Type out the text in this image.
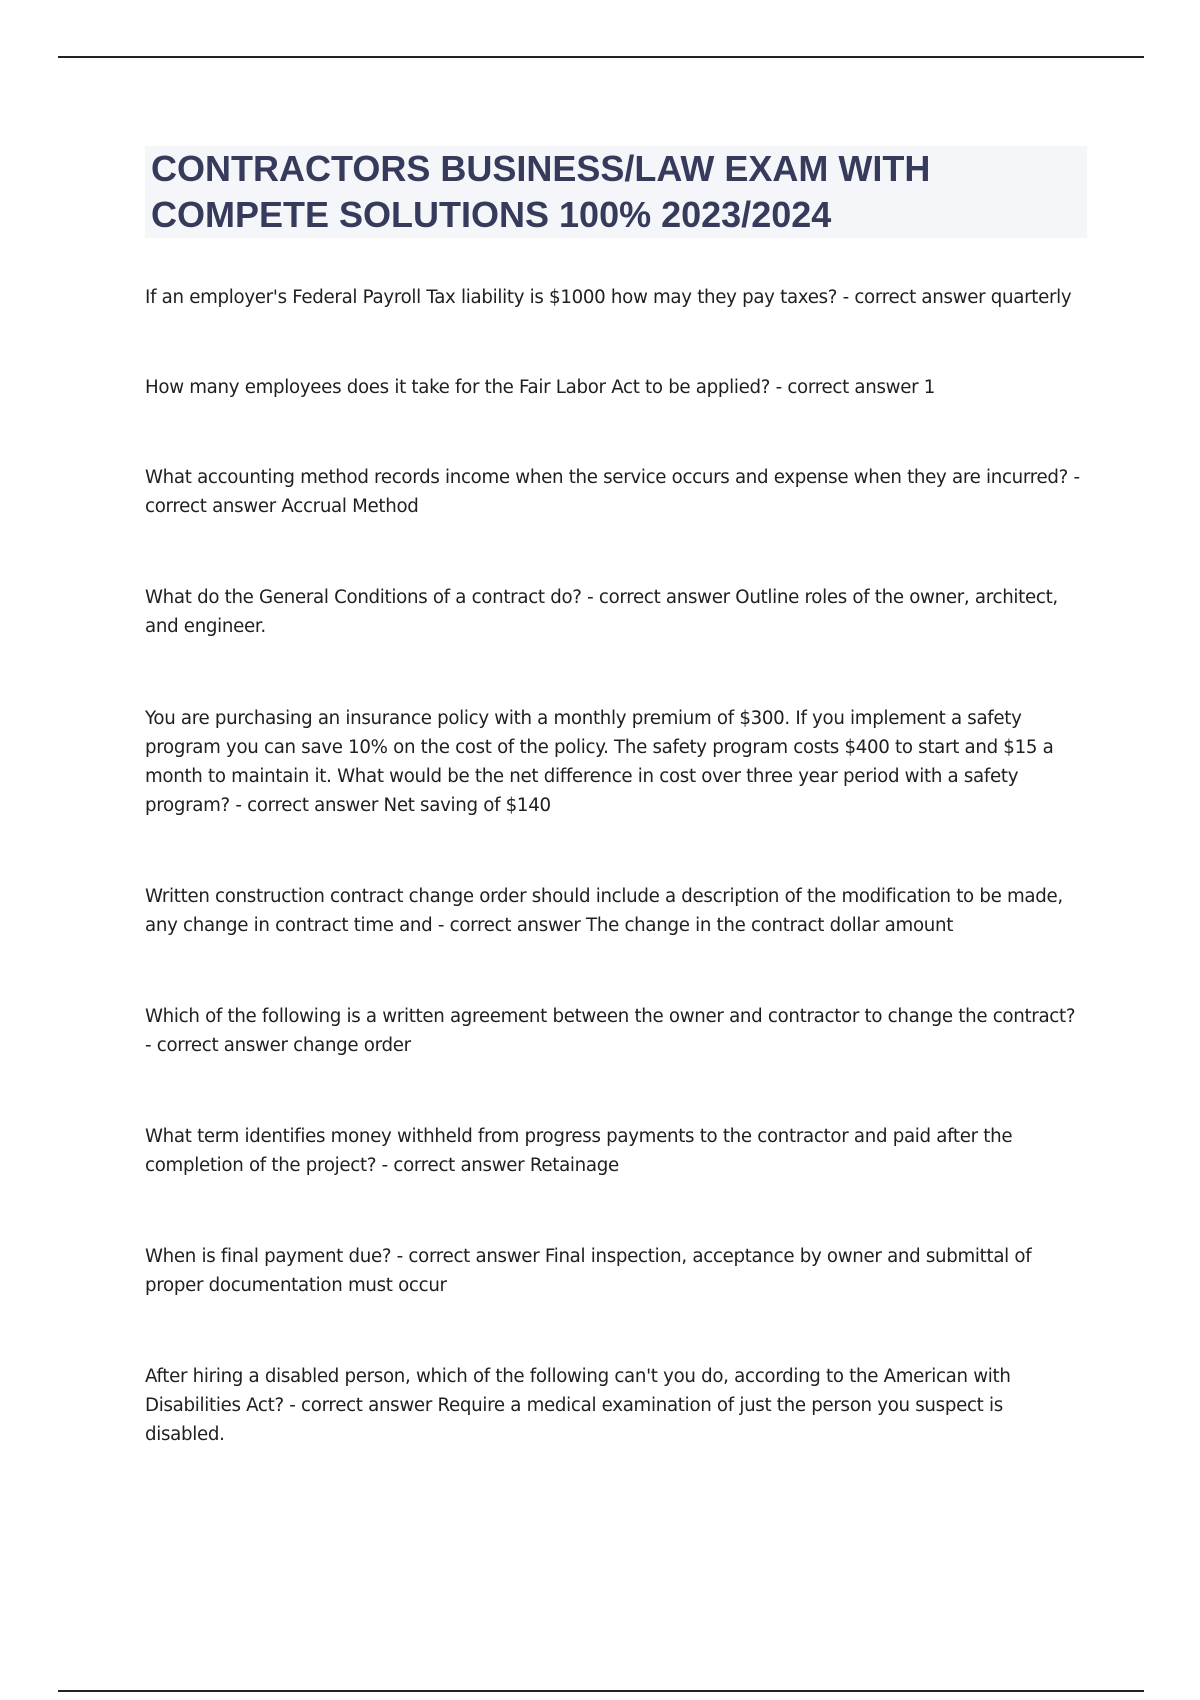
CONTRACTORS BUSINESS/LAW EXAM WITH COMPETE SOLUTIONS 100% 2023/2024

If an employer's Federal Payroll Tax liability is $1000 how may they pay taxes? - correct answer quarterly

How many employees does it take for the Fair Labor Act to be applied? - correct answer 1

What accounting method records income when the service occurs and expense when they are incurred? - correct answer Accrual Method

What do the General Conditions of a contract do? - correct answer Outline roles of the owner, architect, and engineer.

You are purchasing an insurance policy with a monthly premium of $300. If you implement a safety program you can save 10% on the cost of the policy. The safety program costs $400 to start and $15 a month to maintain it. What would be the net difference in cost over three year period with a safety program? - correct answer Net saving of $140

Written construction contract change order should include a description of the modification to be made, any change in contract time and - correct answer The change in the contract dollar amount

Which of the following is a written agreement between the owner and contractor to change the contract? - correct answer change order

What term identifies money withheld from progress payments to the contractor and paid after the completion of the project? - correct answer Retainage

When is final payment due? - correct answer Final inspection, acceptance by owner and submittal of proper documentation must occur

After hiring a disabled person, which of the following can't you do, according to the American with Disabilities Act? - correct answer Require a medical examination of just the person you suspect is disabled.
